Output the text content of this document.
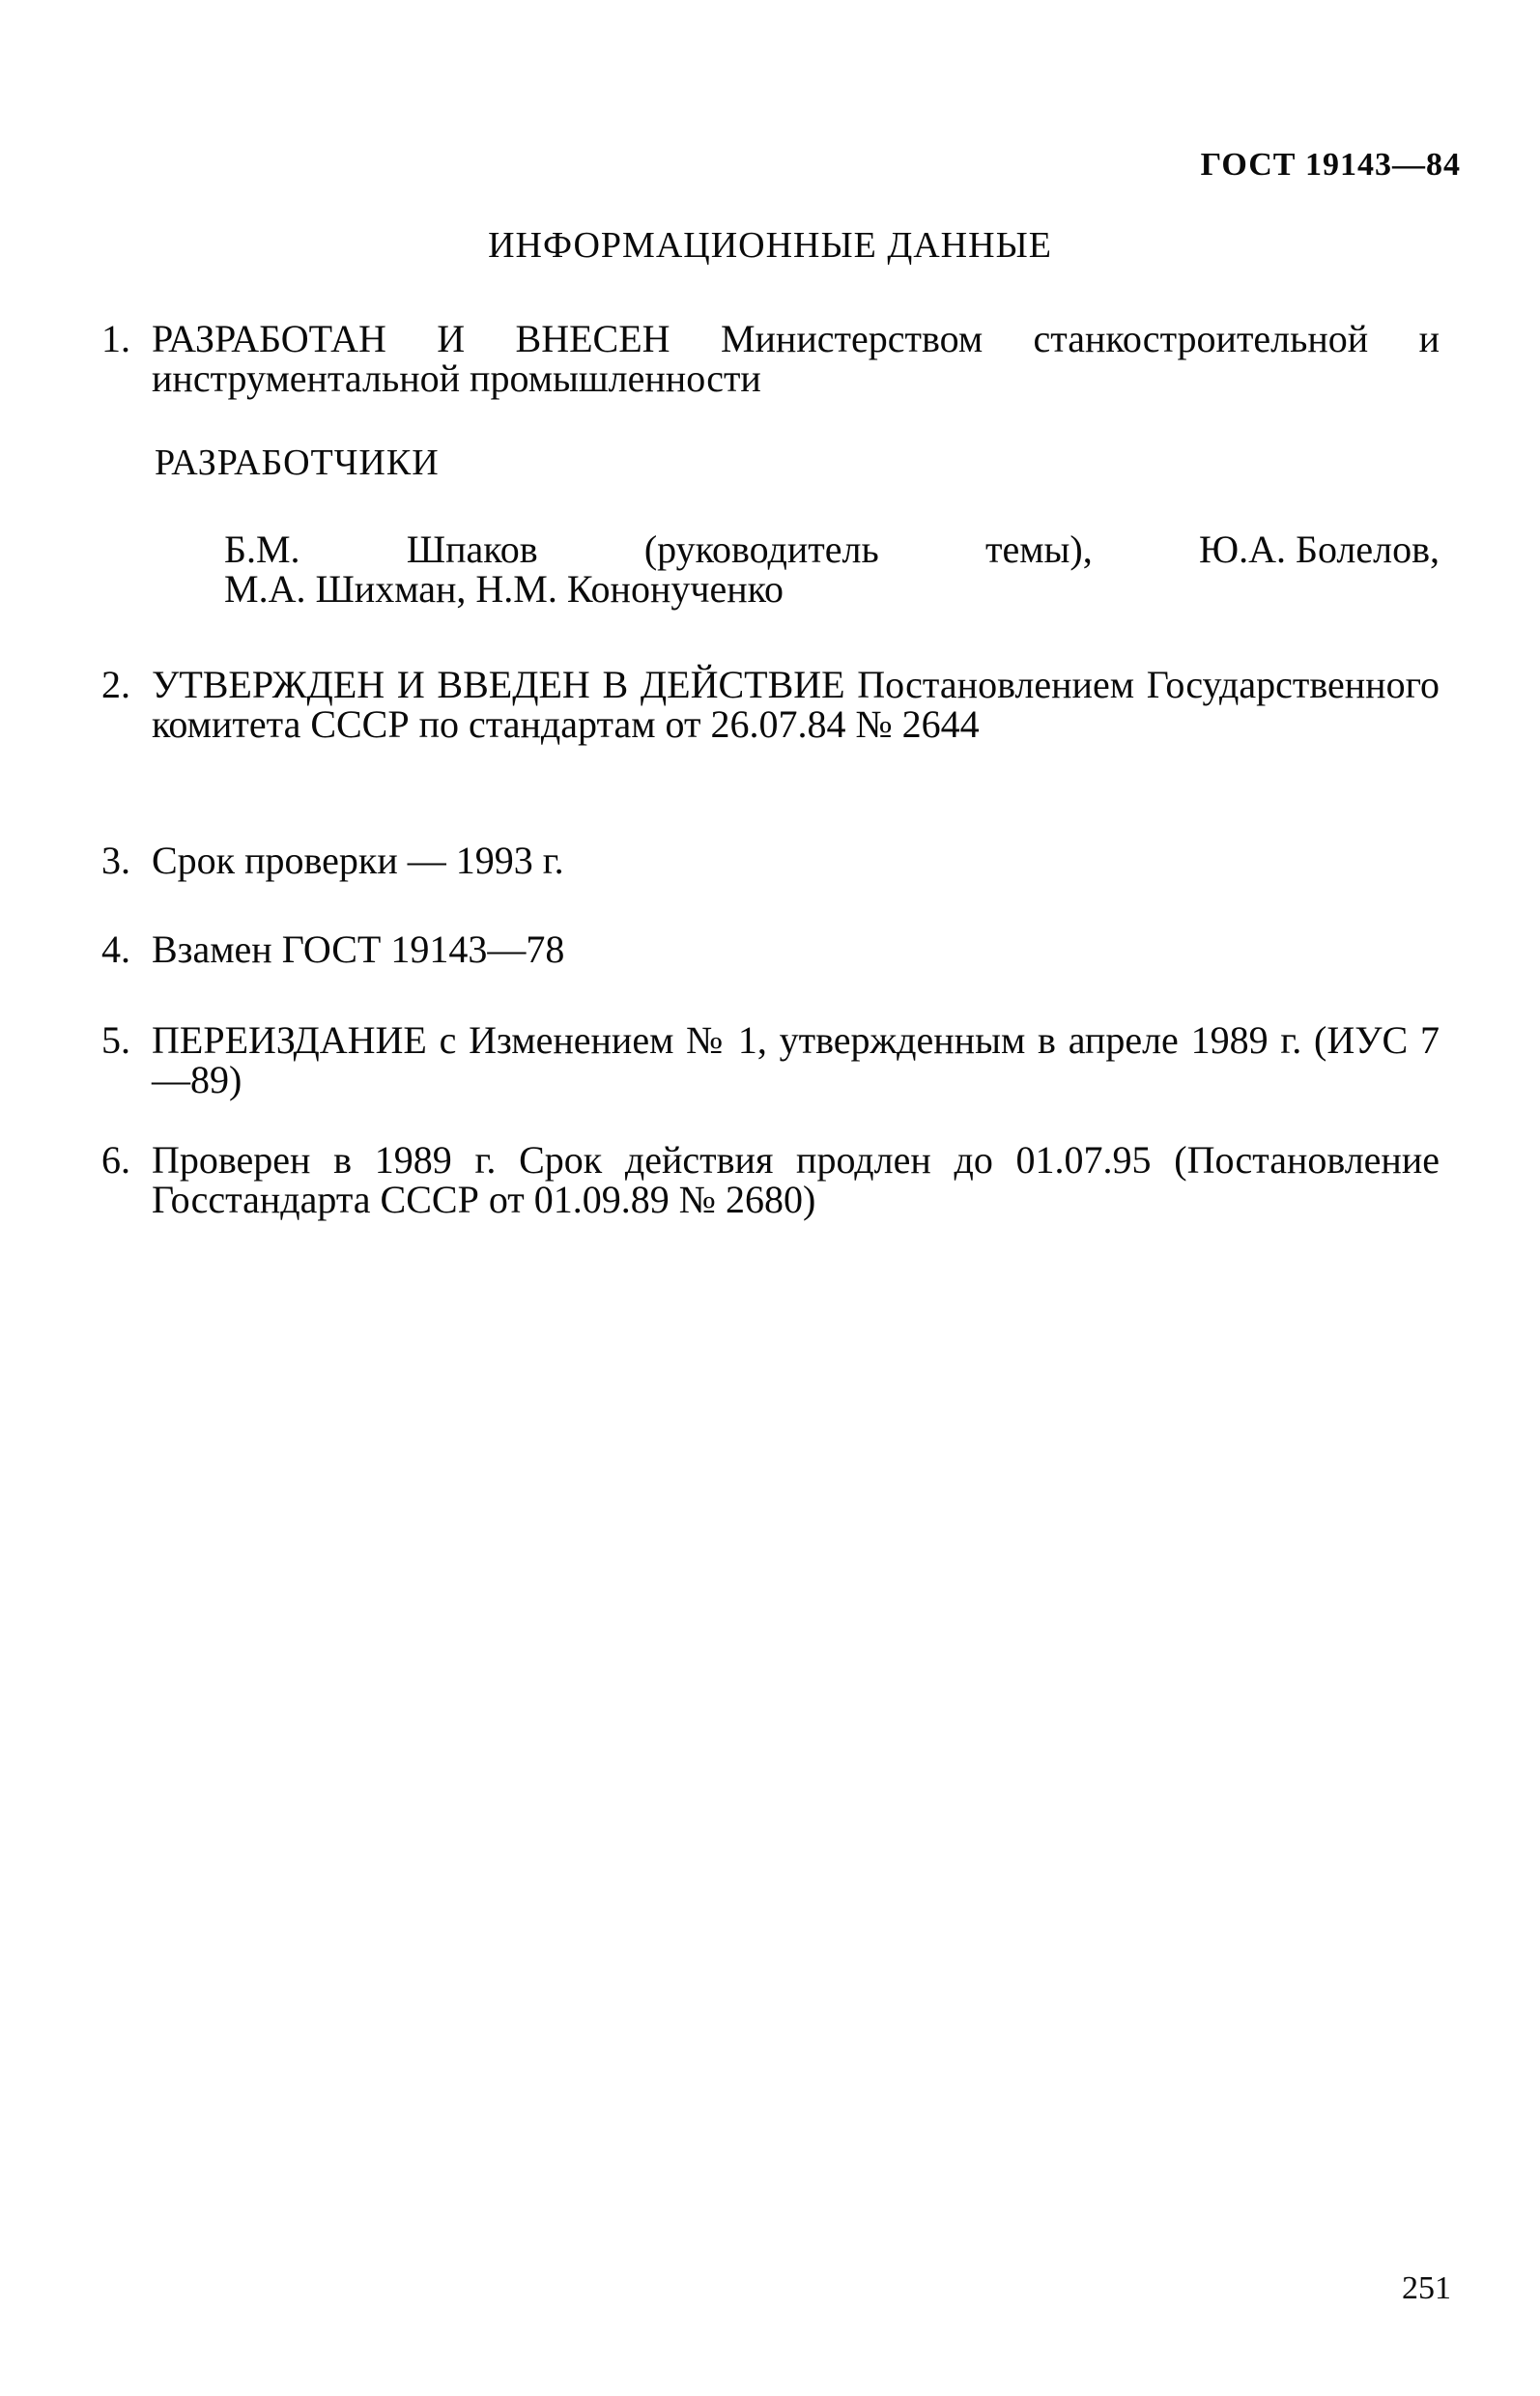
ГОСТ 19143—84
ИНФОРМАЦИОННЫЕ ДАННЫЕ
1. РАЗРАБОТАН И ВНЕСЕН Министерством станкостроительной и инструментальной промышленности
РАЗРАБОТЧИКИ
Б.М.	Шпаков	(руководитель	темы),	Ю.А. Болелов,
М.А. Шихман, Н.М. Кононученко
2. УТВЕРЖДЕН И ВВЕДЕН В ДЕЙСТВИЕ Постановлением Государственного комитета СССР по стандартам от 26.07.84 № 2644
3. Срок проверки — 1993 г.
4. Взамен ГОСТ 19143—78
5. ПЕРЕИЗДАНИЕ с Изменением № 1, утвержденным в апреле 1989 г. (ИУС 7—89)
6. Проверен в 1989 г. Срок действия продлен до 01.07.95 (Постановление Госстандарта СССР от 01.09.89 № 2680)
251
